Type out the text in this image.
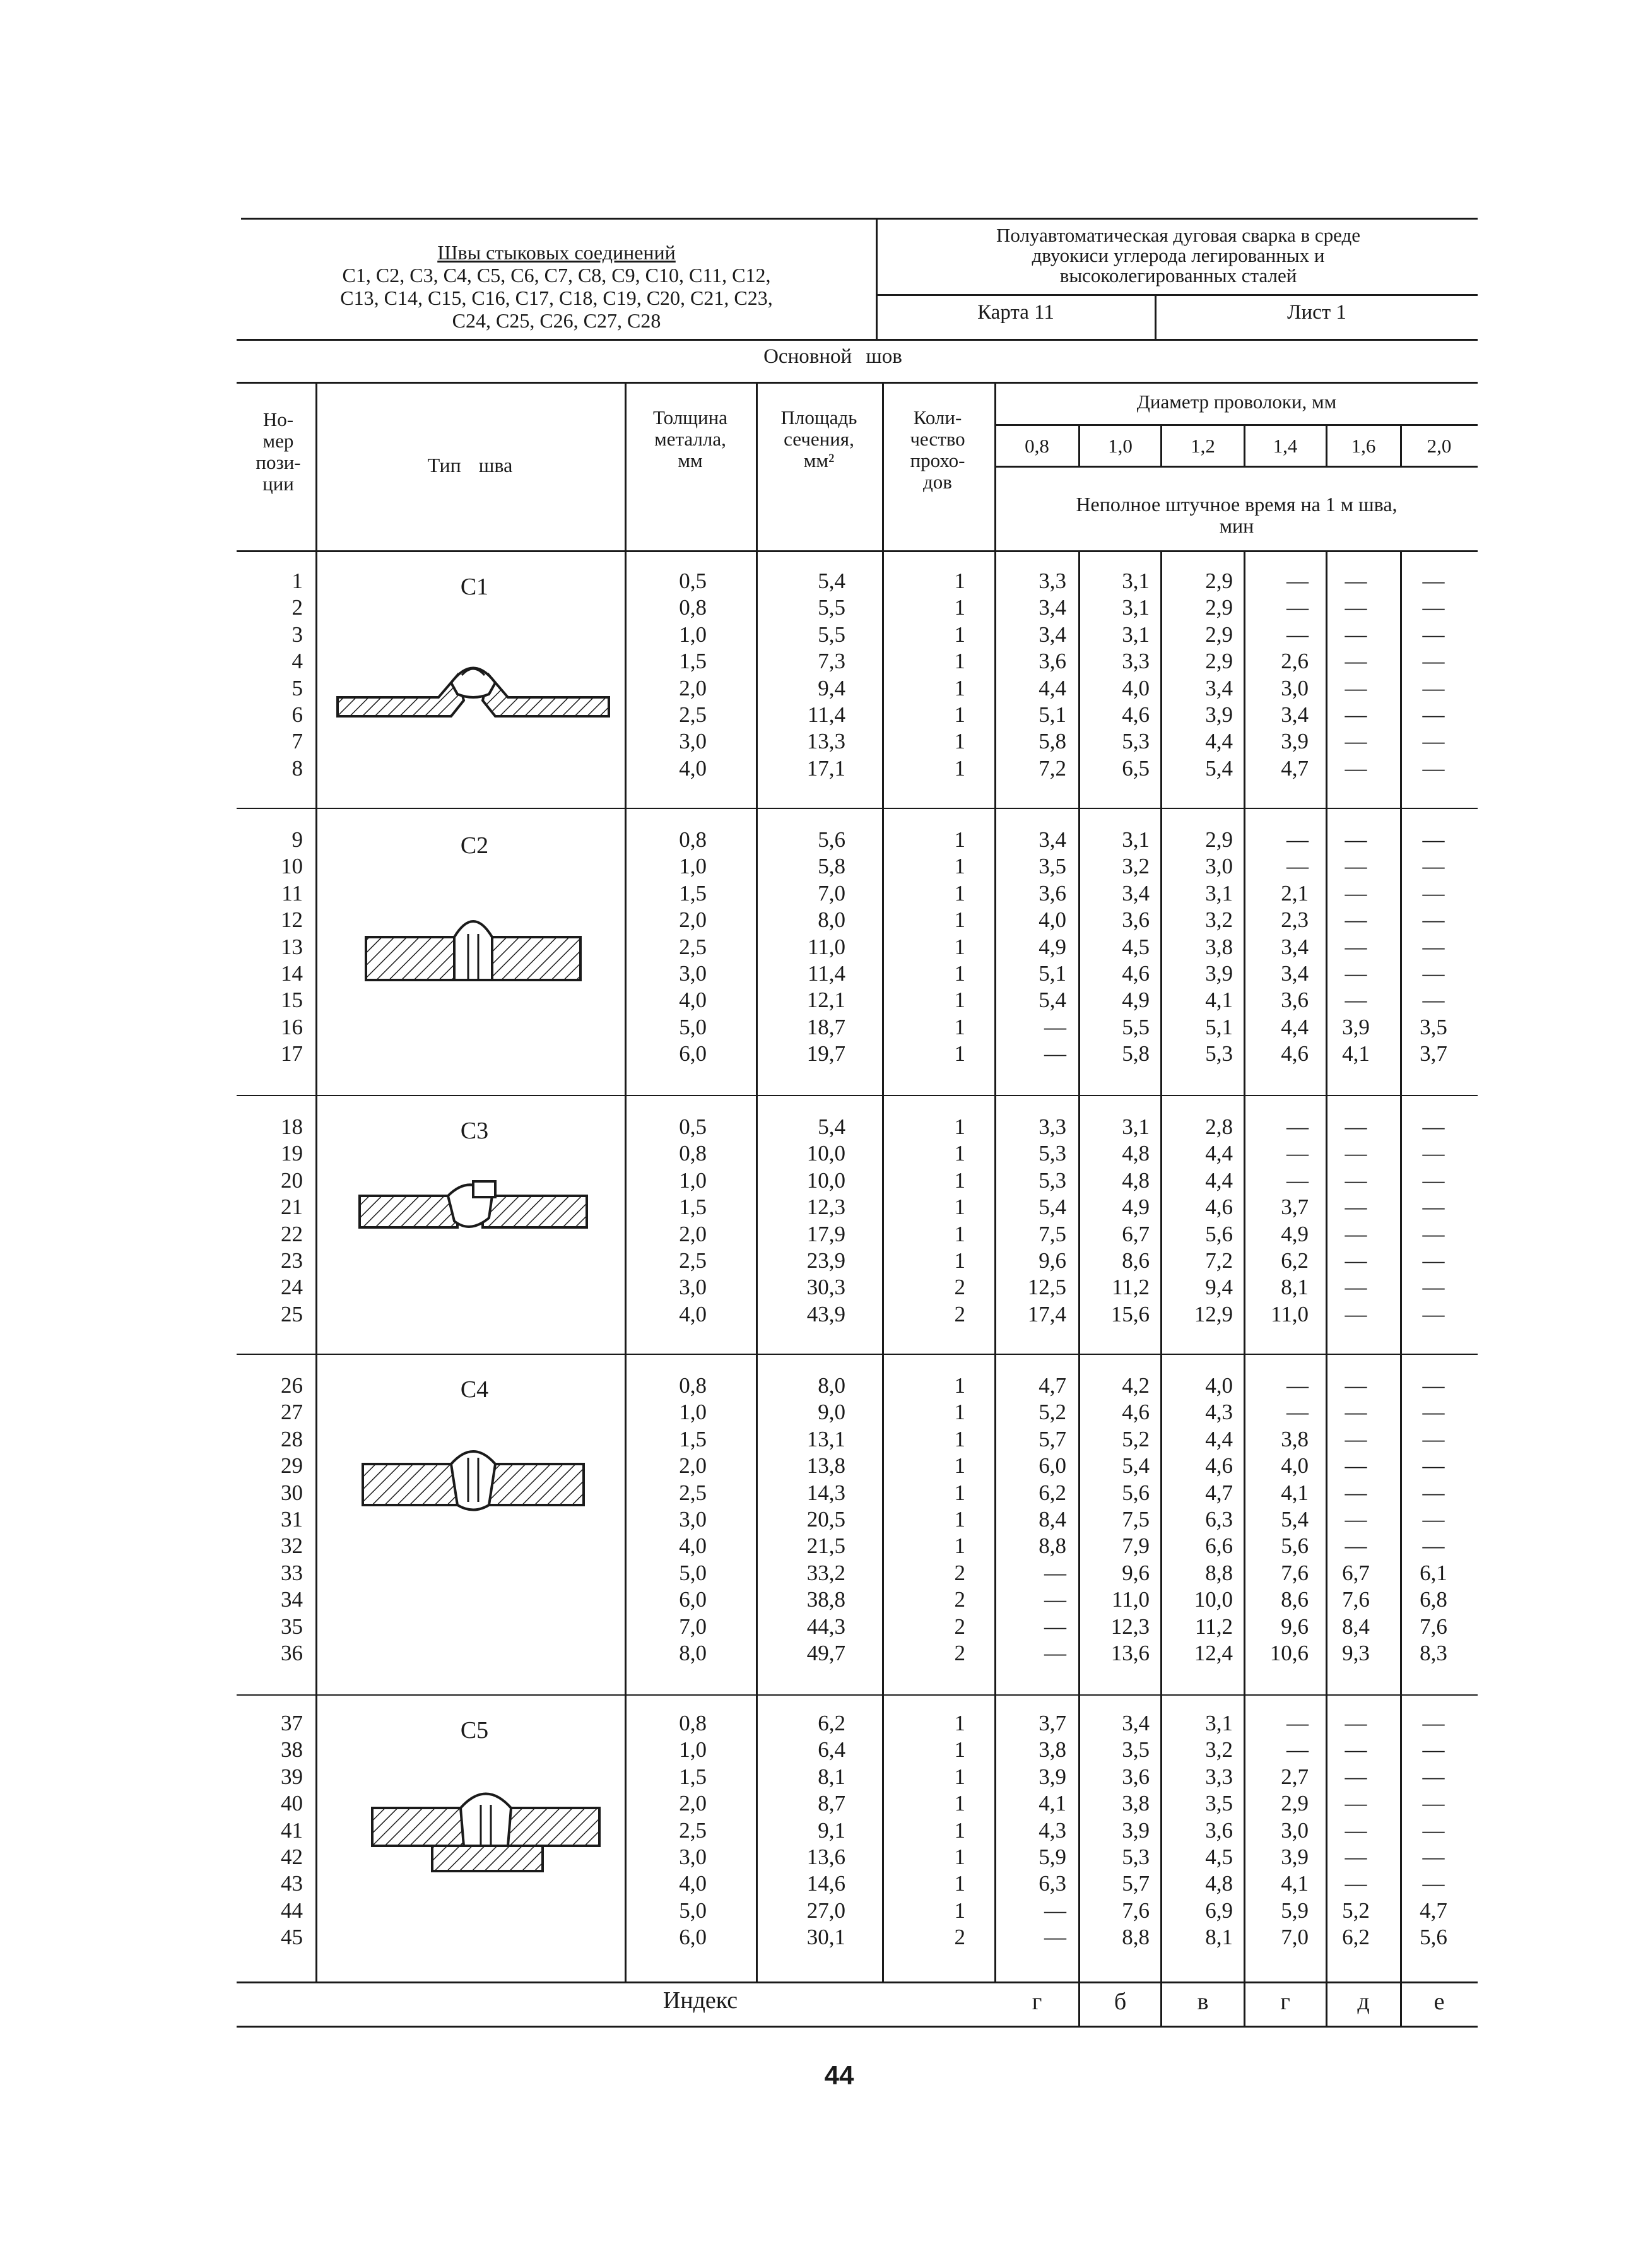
Швы стыковых соединений
С1, С2, С3, С4, С5, С6, С7, С8, С9, С10, С11, С12,
С13, С14, С15, С16, С17, С18, С19, С20, С21, С23,
С24, С25, С26, С27, С28
Полуавтоматическая дуговая сварка в среде
двуокиси углерода легированных и
высоколегированных сталей
Карта 11	Лист 1
Основной шов
Но-
мер
пози-
ции
Тип шва
Толщина
металла,
мм
Площадь
сечения,
мм²
Коли-
чество
прохо-
дов
Диаметр проволоки, мм
0,8	1,0	1,2	1,4	1,6	2,0
Неполное штучное время на 1 м шва,
мин
1	0,5	5,4	1	3,3	3,1	2,9	—	—	—
2	0,8	5,5	1	3,4	3,1	2,9	—	—	—
3	1,0	5,5	1	3,4	3,1	2,9	—	—	—
4	1,5	7,3	1	3,6	3,3	2,9	2,6	—	—
5	2,0	9,4	1	4,4	4,0	3,4	3,0	—	—
6	2,5	11,4	1	5,1	4,6	3,9	3,4	—	—
7	3,0	13,3	1	5,8	5,3	4,4	3,9	—	—
8	4,0	17,1	1	7,2	6,5	5,4	4,7	—	—
9	0,8	5,6	1	3,4	3,1	2,9	—	—	—
10	1,0	5,8	1	3,5	3,2	3,0	—	—	—
11	1,5	7,0	1	3,6	3,4	3,1	2,1	—	—
12	2,0	8,0	1	4,0	3,6	3,2	2,3	—	—
13	2,5	11,0	1	4,9	4,5	3,8	3,4	—	—
14	3,0	11,4	1	5,1	4,6	3,9	3,4	—	—
15	4,0	12,1	1	5,4	4,9	4,1	3,6	—	—
16	5,0	18,7	1	—	5,5	5,1	4,4	3,9	3,5
17	6,0	19,7	1	—	5,8	5,3	4,6	4,1	3,7
18	0,5	5,4	1	3,3	3,1	2,8	—	—	—
19	0,8	10,0	1	5,3	4,8	4,4	—	—	—
20	1,0	10,0	1	5,3	4,8	4,4	—	—	—
21	1,5	12,3	1	5,4	4,9	4,6	3,7	—	—
22	2,0	17,9	1	7,5	6,7	5,6	4,9	—	—
23	2,5	23,9	1	9,6	8,6	7,2	6,2	—	—
24	3,0	30,3	2	12,5	11,2	9,4	8,1	—	—
25	4,0	43,9	2	17,4	15,6	12,9	11,0	—	—
26	0,8	8,0	1	4,7	4,2	4,0	—	—	—
27	1,0	9,0	1	5,2	4,6	4,3	—	—	—
28	1,5	13,1	1	5,7	5,2	4,4	3,8	—	—
29	2,0	13,8	1	6,0	5,4	4,6	4,0	—	—
30	2,5	14,3	1	6,2	5,6	4,7	4,1	—	—
31	3,0	20,5	1	8,4	7,5	6,3	5,4	—	—
32	4,0	21,5	1	8,8	7,9	6,6	5,6	—	—
33	5,0	33,2	2	—	9,6	8,8	7,6	6,7	6,1
34	6,0	38,8	2	—	11,0	10,0	8,6	7,6	6,8
35	7,0	44,3	2	—	12,3	11,2	9,6	8,4	7,6
36	8,0	49,7	2	—	13,6	12,4	10,6	9,3	8,3
37	0,8	6,2	1	3,7	3,4	3,1	—	—	—
38	1,0	6,4	1	3,8	3,5	3,2	—	—	—
39	1,5	8,1	1	3,9	3,6	3,3	2,7	—	—
40	2,0	8,7	1	4,1	3,8	3,5	2,9	—	—
41	2,5	9,1	1	4,3	3,9	3,6	3,0	—	—
42	3,0	13,6	1	5,9	5,3	4,5	3,9	—	—
43	4,0	14,6	1	6,3	5,7	4,8	4,1	—	—
44	5,0	27,0	1	—	7,6	6,9	5,9	5,2	4,7
45	6,0	30,1	2	—	8,8	8,1	7,0	6,2	5,6
С1
С2
С3
С4
С5
Индекс	г	б	в	г	д	е
44
